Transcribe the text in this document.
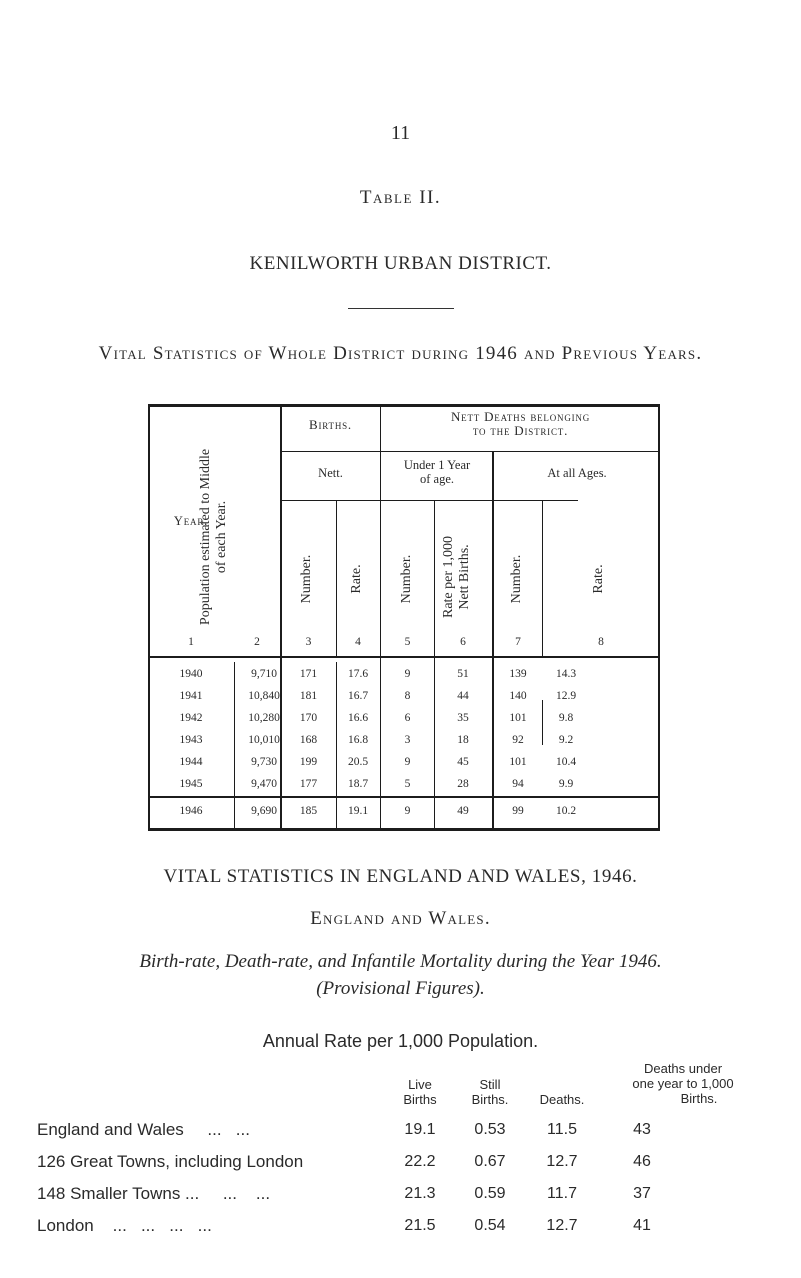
11
Table II.
KENILWORTH URBAN DISTRICT.
Vital Statistics of Whole District during 1946 and Previous Years.
Year.
Population estimated to Middle of each Year.
Births.
Nett.
Nett Deaths belonging
to the District.
Under 1 Year
of age.	At all Ages.
Number.	Rate.	Number. Rate per 1,000 Nett Births.	Number.	Rate.
1	2	3	4	5	6	7	8
1940	9,710	171	17.6	9	51	139	14.3
1941	10,840	181	16.7	8	44	140	12.9
1942	10,280	170	16.6	6	35	101	9.8
1943	10,010	168	16.8	3	18	92	9.2
1944	9,730	199	20.5	9	45	101	10.4
1945	9,470	177	18.7	5	28	94	9.9
1946	9,690	185	19.1	9	49	99	10.2
VITAL STATISTICS IN ENGLAND AND WALES, 1946.
England and Wales.
Birth-rate, Death-rate, and Infantile Mortality during the Year 1946.
(Provisional Figures).
Annual Rate per 1,000 Population.
Live
Births
Still
Births.	Deaths.
Deaths under
one year to 1,000
Births.
England and Wales     ...   ...	19.1	0.53	11.5	43
126 Great Towns, including London	22.2	0.67	12.7	46
148 Smaller Towns ...     ...    ...	21.3	0.59	11.7	37
London    ...   ...   ...   ...	21.5	0.54	12.7	41
